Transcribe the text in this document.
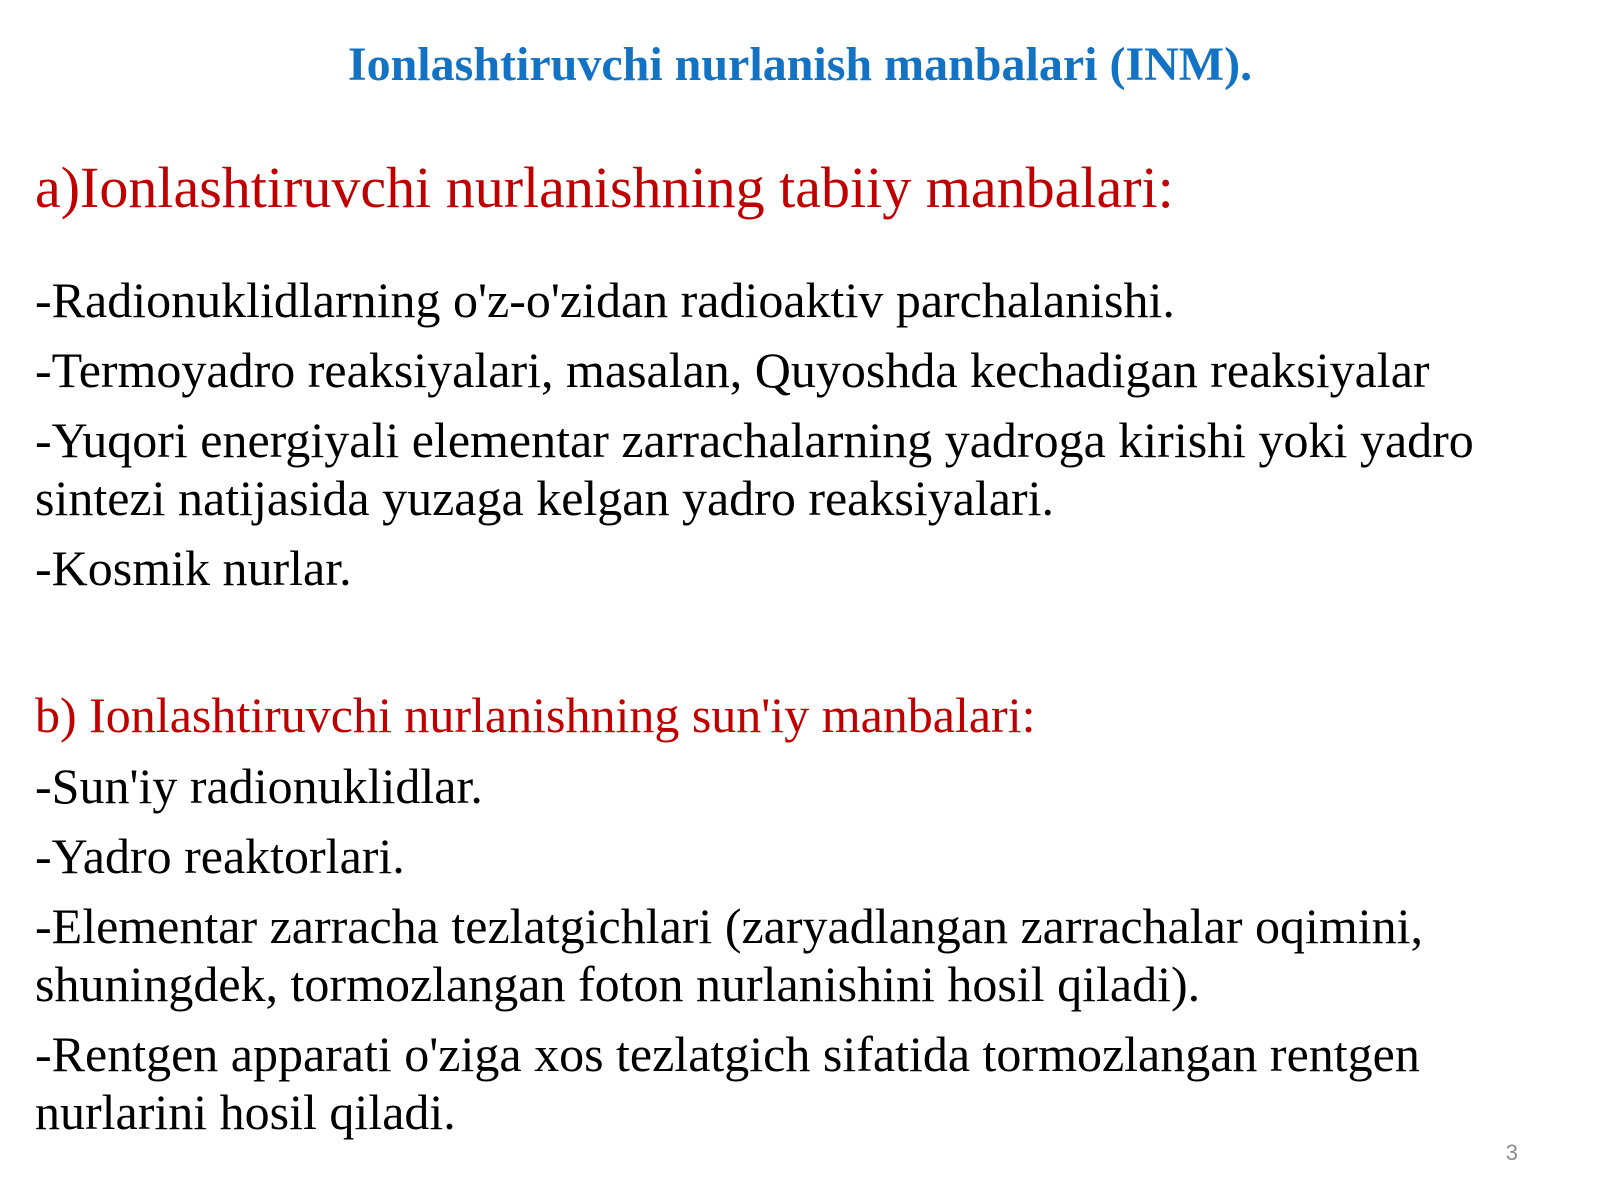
Ionlashtiruvchi nurlanish manbalari (INM).
a)Ionlashtiruvchi nurlanishning tabiiy manbalari:
-Radionuklidlarning o'z-o'zidan radioaktiv parchalanishi.
-Termoyadro reaksiyalari, masalan, Quyoshda kechadigan reaksiyalar
-Yuqori energiyali elementar zarrachalarning yadroga kirishi yoki yadro sintezi natijasida yuzaga kelgan yadro reaksiyalari.
-Kosmik nurlar.
b) Ionlashtiruvchi nurlanishning sun'iy manbalari:
-Sun'iy radionuklidlar.
-Yadro reaktorlari.
-Elementar zarracha tezlatgichlari (zaryadlangan zarrachalar oqimini, shuningdek, tormozlangan foton nurlanishini hosil qiladi).
-Rentgen apparati o'ziga xos tezlatgich sifatida tormozlangan rentgen nurlarini hosil qiladi.
3
